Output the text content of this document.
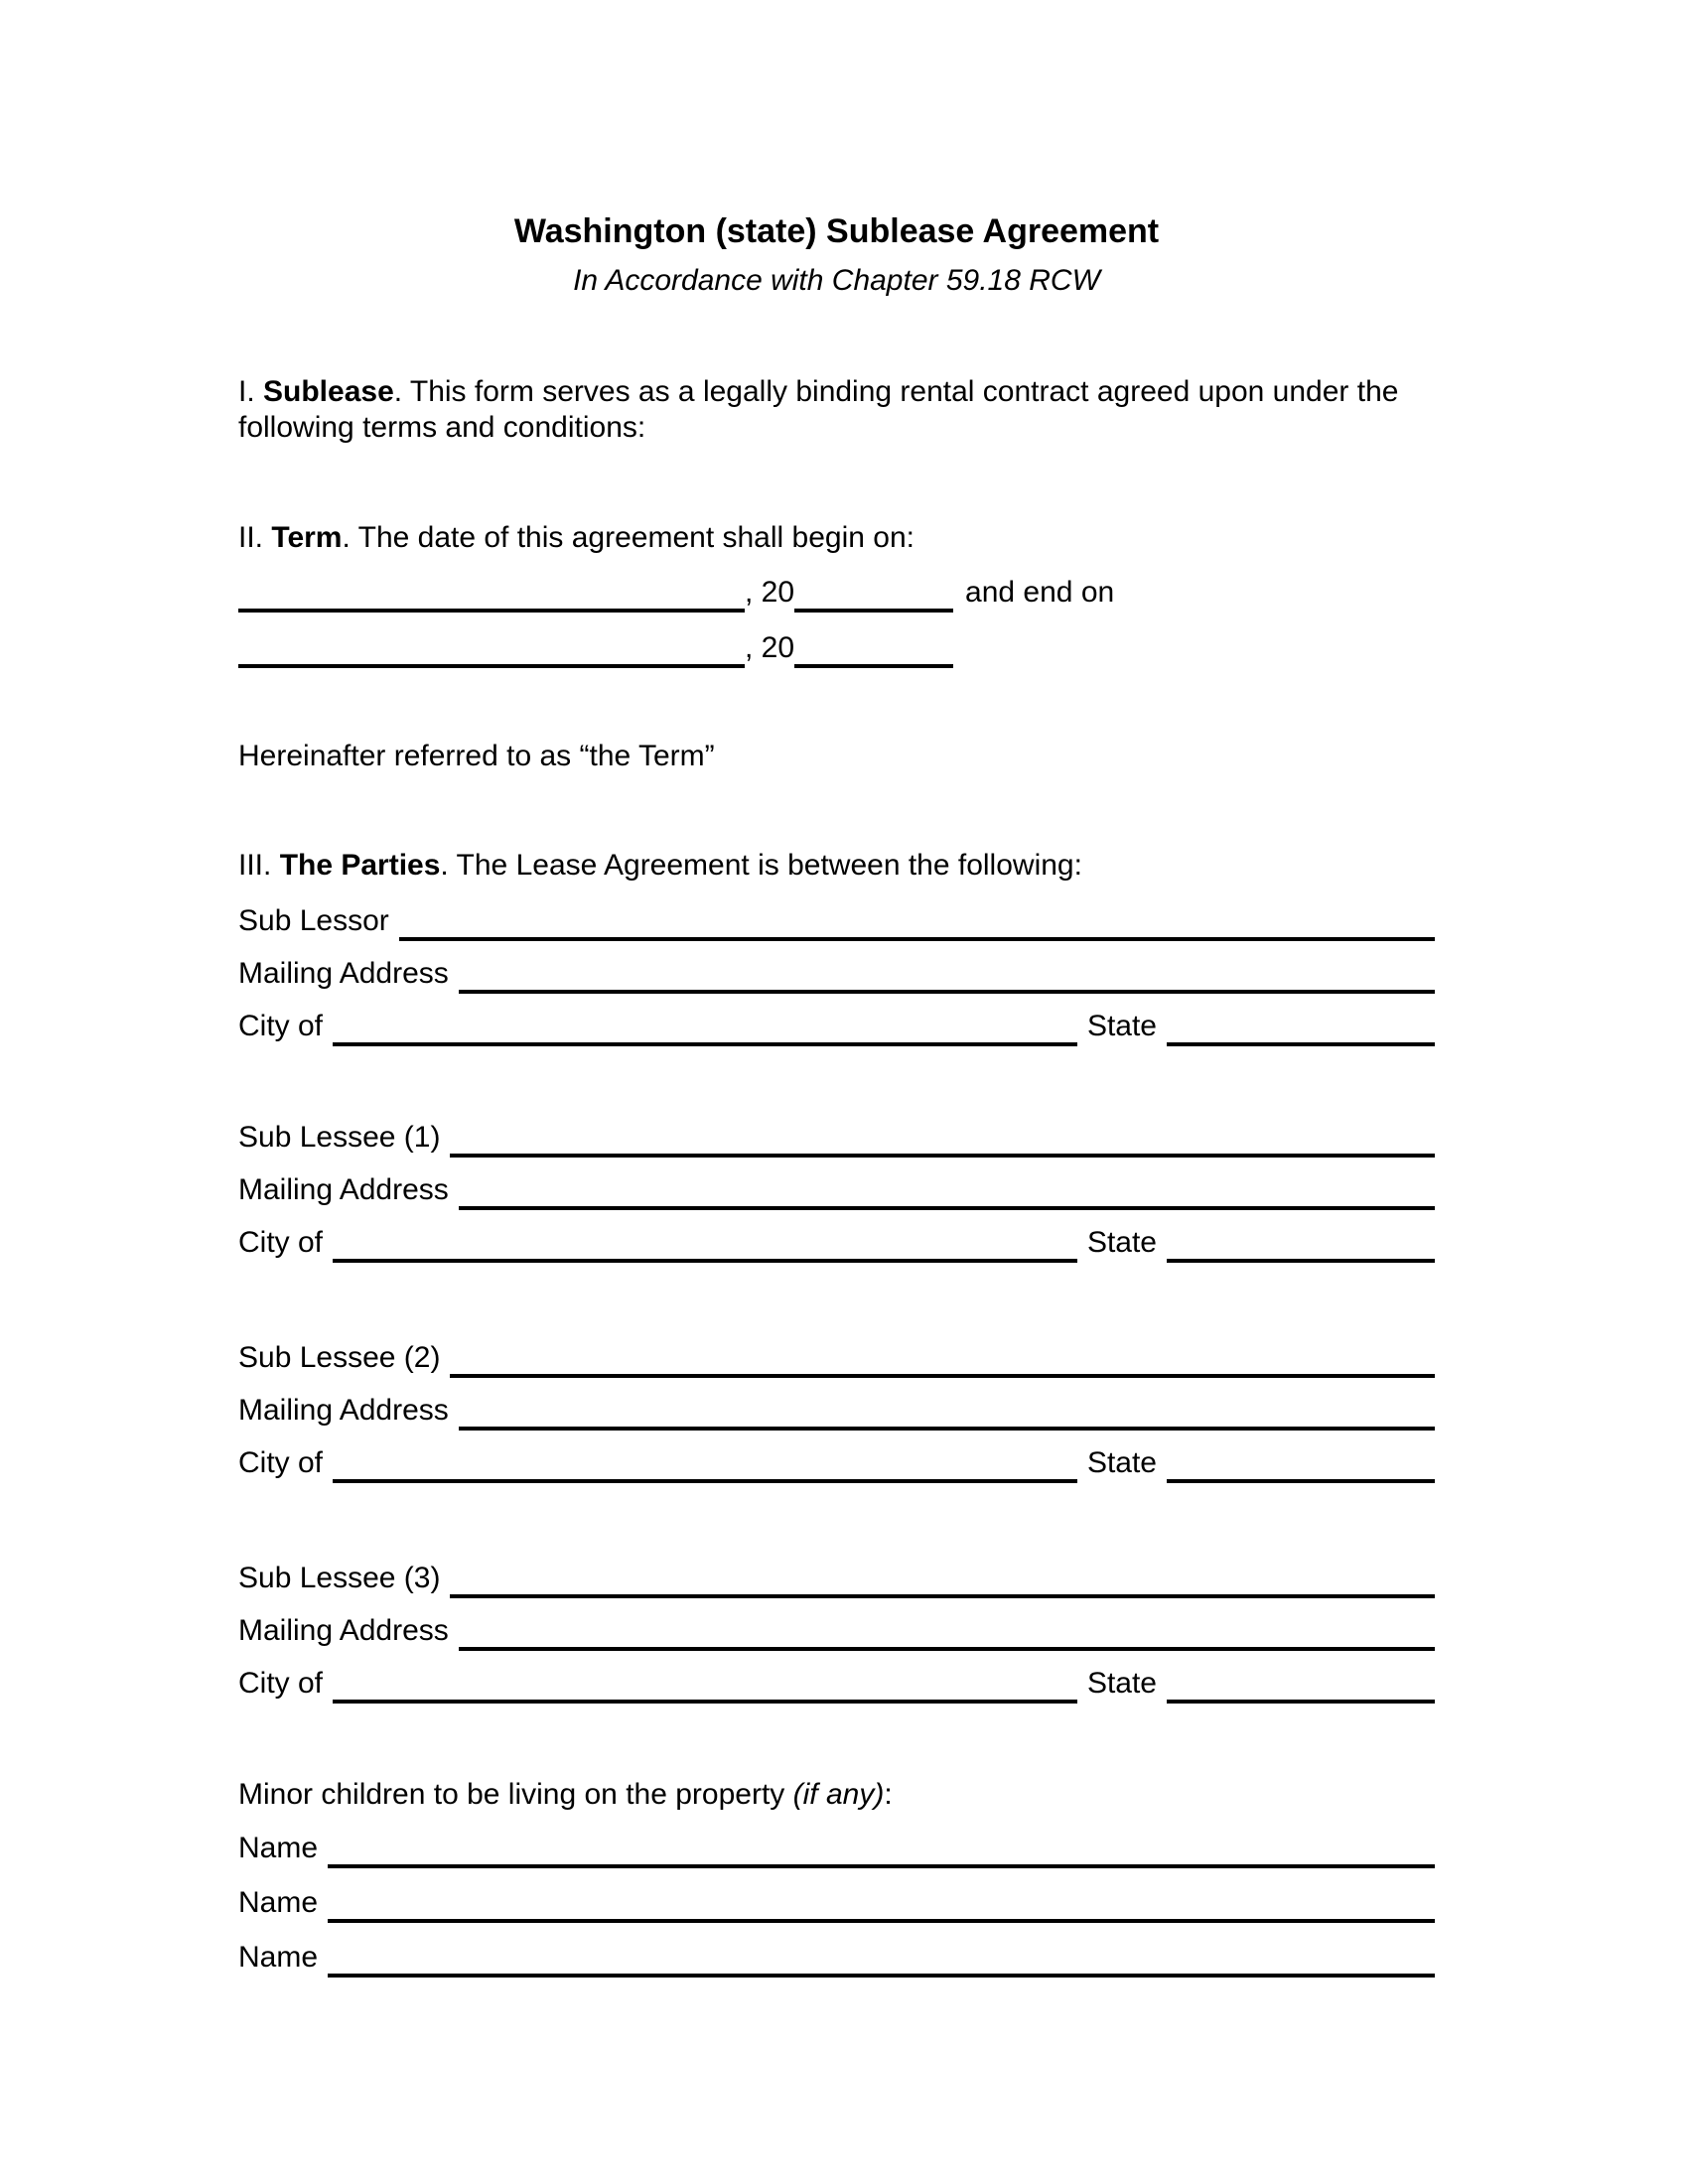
Washington (state) Sublease Agreement
In Accordance with Chapter 59.18 RCW

I. Sublease. This form serves as a legally binding rental contract agreed upon under the following terms and conditions:

II. Term. The date of this agreement shall begin on:
, 20	and end on
, 20
Hereinafter referred to as “the Term”
III. The Parties. The Lease Agreement is between the following:
Sub Lessor
Mailing Address
City of	State
Sub Lessee (1)
Mailing Address
City of	State
Sub Lessee (2)
Mailing Address
City of	State
Sub Lessee (3)
Mailing Address
City of	State
Minor children to be living on the property (if any):
Name
Name
Name
